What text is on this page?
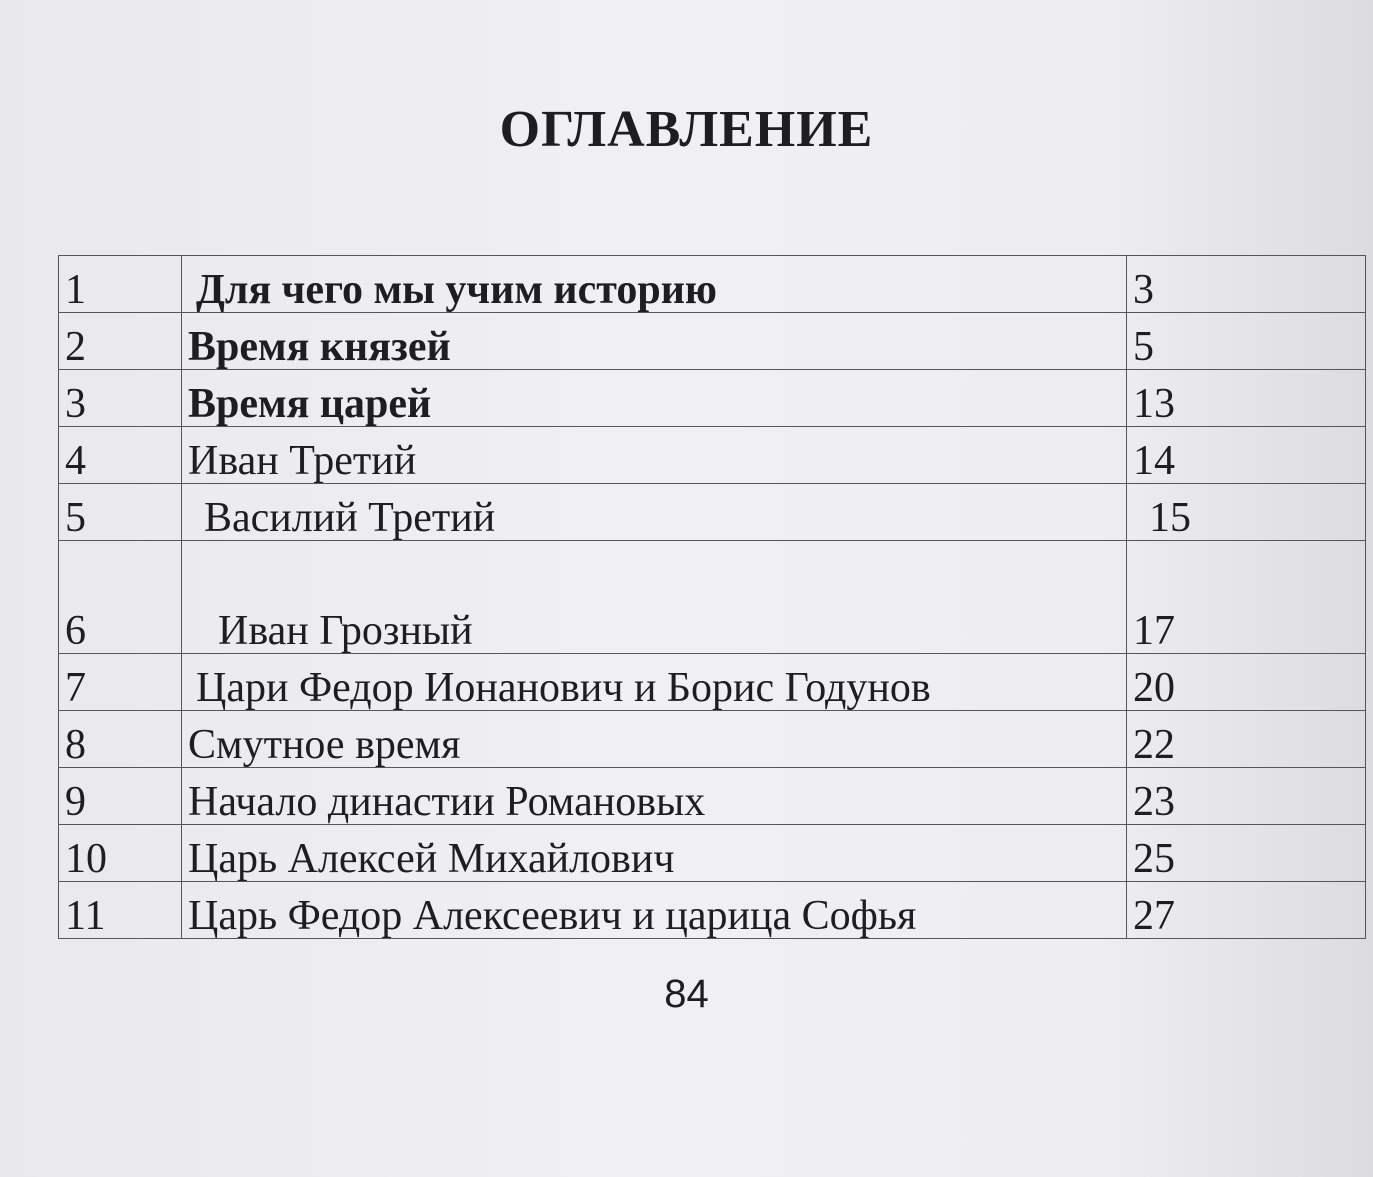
ОГЛАВЛЕНИЕ
1	Для чего мы учим историю	3
2	Время князей	5
3	Время царей	13
4	Иван Третий	14
5	Василий Третий	15
6	Иван Грозный	17
7	Цари Федор Ионанович и Борис Годунов	20
8	Смутное время	22
9	Начало династии Романовых	23
10	Царь Алексей Михайлович	25
11	Царь Федор Алексеевич и царица Софья	27
84
